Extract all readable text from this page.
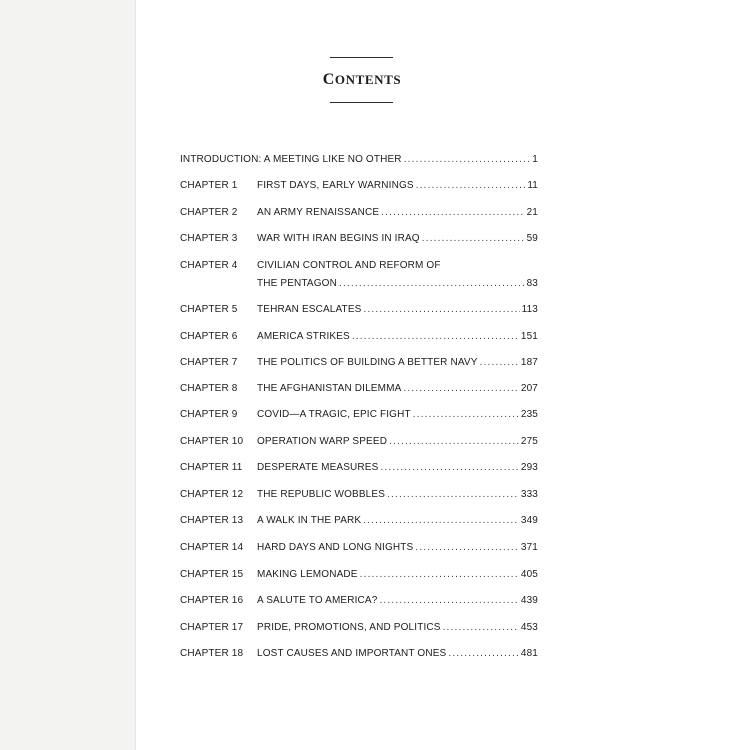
CONTENTS
INTRODUCTION: A MEETING LIKE NO OTHER .....	1
CHAPTER 1 FIRST DAYS, EARLY WARNINGS .....	11
CHAPTER 2 AN ARMY RENAISSANCE .....	21
CHAPTER 3 WAR WITH IRAN BEGINS IN IRAQ .....	59
CHAPTER 4 CIVILIAN CONTROL AND REFORM OF
THE PENTAGON .....	83
CHAPTER 5 TEHRAN ESCALATES .....	113
CHAPTER 6 AMERICA STRIKES .....	151
CHAPTER 7 THE POLITICS OF BUILDING A BETTER NAVY .....	187
CHAPTER 8 THE AFGHANISTAN DILEMMA .....	207
CHAPTER 9 COVID—A TRAGIC, EPIC FIGHT .....	235
CHAPTER 10 OPERATION WARP SPEED .....	275
CHAPTER 11 DESPERATE MEASURES .....	293
CHAPTER 12 THE REPUBLIC WOBBLES .....	333
CHAPTER 13 A WALK IN THE PARK .....	349
CHAPTER 14 HARD DAYS AND LONG NIGHTS .....	371
CHAPTER 15 MAKING LEMONADE .....	405
CHAPTER 16 A SALUTE TO AMERICA? .....	439
CHAPTER 17 PRIDE, PROMOTIONS, AND POLITICS .....	453
CHAPTER 18 LOST CAUSES AND IMPORTANT ONES .....	481
